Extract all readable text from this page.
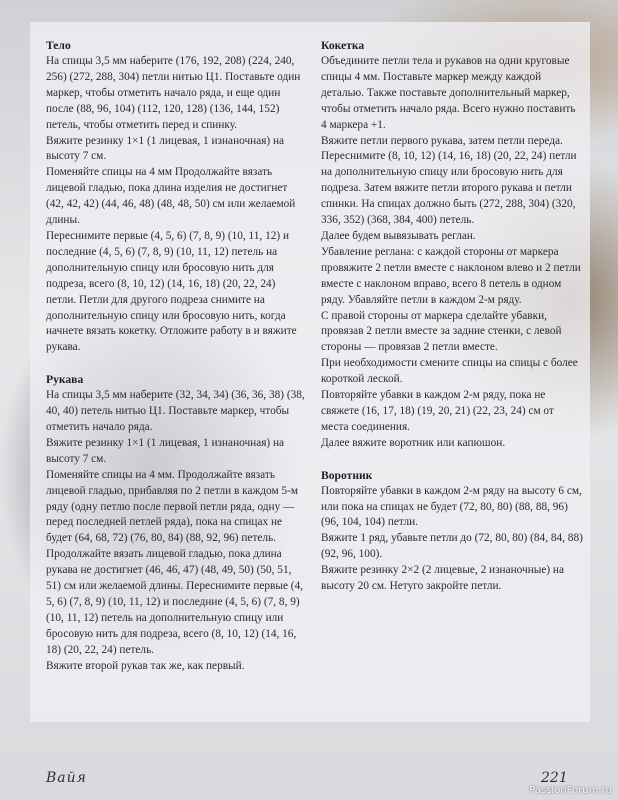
Тело

На спицы 3,5 мм наберите (176, 192, 208) (224, 240, 256) (272, 288, 304) петли нитью Ц1. Поставьте один маркер, чтобы отметить начало ряда, и еще один после (88, 96, 104) (112, 120, 128) (136, 144, 152) петель, чтобы отметить перед и спинку.

Вяжите резинку 1×1 (1 лицевая, 1 изнаночная) на высоту 7 см.

Поменяйте спицы на 4 мм Продолжайте вязать лицевой гладью, пока длина изделия не достигнет (42, 42, 42) (44, 46, 48) (48, 48, 50) см или желаемой длины.

Переснимите первые (4, 5, 6) (7, 8, 9) (10, 11, 12) и последние (4, 5, 6) (7, 8, 9) (10, 11, 12) петель на дополнительную спицу или бросовую нить для подреза, всего (8, 10, 12) (14, 16, 18) (20, 22, 24) петли. Петли для другого подреза снимите на дополнительную спицу или бросовую нить, когда начнете вязать кокетку. Отложите работу в и вяжите рукава.

Рукава

На спицы 3,5 мм наберите (32, 34, 34) (36, 36, 38) (38, 40, 40) петель нитью Ц1. Поставьте маркер, чтобы отметить начало ряда.

Вяжите резинку 1×1 (1 лицевая, 1 изнаночная) на высоту 7 см.

Поменяйте спицы на 4 мм. Продолжайте вязать лицевой гладью, прибавляя по 2 петли в каждом 5-м ряду (одну петлю после первой петли ряда, одну — перед последней петлей ряда), пока на спицах не будет (64, 68, 72) (76, 80, 84) (88, 92, 96) петель.

Продолжайте вязать лицевой гладью, пока длина рукава не достигнет (46, 46, 47) (48, 49, 50) (50, 51, 51) см или желаемой длины. Переснимите первые (4, 5, 6) (7, 8, 9) (10, 11, 12) и последние (4, 5, 6) (7, 8, 9) (10, 11, 12) петель на дополнительную спицу или бросовую нить для подреза, всего (8, 10, 12) (14, 16, 18) (20, 22, 24) петель.

Вяжите второй рукав так же, как первый.

Кокетка

Объедините петли тела и рукавов на одни круговые спицы 4 мм. Поставьте маркер между каждой деталью. Также поставьте дополнительный маркер, чтобы отметить начало ряда. Всего нужно поставить 4 маркера +1.

Вяжите петли первого рукава, затем петли переда. Переснимите (8, 10, 12) (14, 16, 18) (20, 22, 24) петли на дополнительную спицу или бросовую нить для подреза. Затем вяжите петли второго рукава и петли спинки. На спицах должно быть (272, 288, 304) (320, 336, 352) (368, 384, 400) петель.

Далее будем вывязывать реглан.

Убавление реглана: с каждой стороны от маркера провяжите 2 петли вместе с наклоном влево и 2 петли вместе с наклоном вправо, всего 8 петель в одном ряду. Убавляйте петли в каждом 2-м ряду.

С правой стороны от маркера сделайте убавки, провязав 2 петли вместе за задние стенки, с левой стороны — провязав 2 петли вместе.

При необходимости смените спицы на спицы с более короткой леской.

Повторяйте убавки в каждом 2-м ряду, пока не свяжете (16, 17, 18) (19, 20, 21) (22, 23, 24) см от места соединения.

Далее вяжите воротник или капюшон.

Воротник

Повторяйте убавки в каждом 2-м ряду на высоту 6 см, или пока на спицах не будет (72, 80, 80) (88, 88, 96) (96, 104, 104) петли.

Вяжите 1 ряд, убавьте петли до (72, 80, 80) (84, 84, 88) (92, 96, 100).

Вяжите резинку 2×2 (2 лицевые, 2 изнаночные) на высоту 20 см. Нетуго закройте петли.

Вайя	221
PassionForum.ru
